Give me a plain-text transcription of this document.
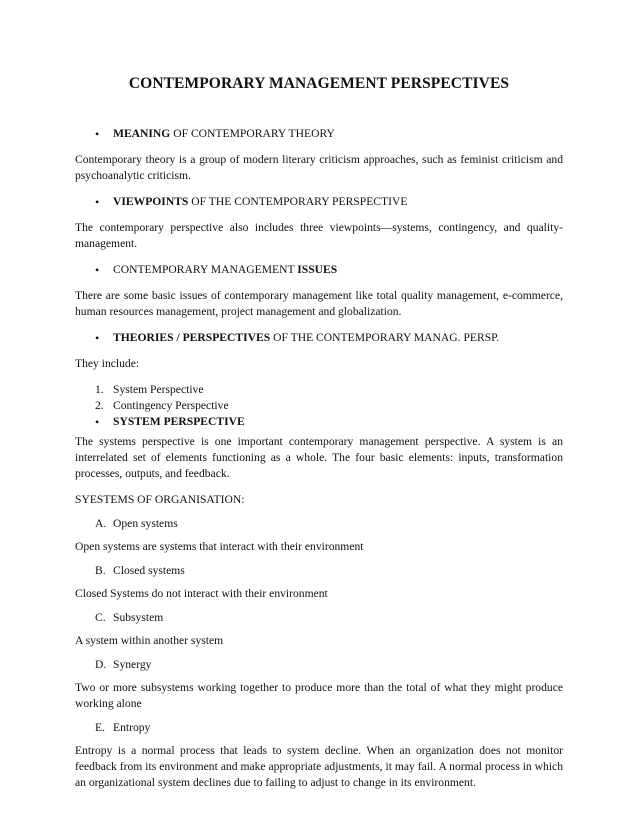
CONTEMPORARY MANAGEMENT PERSPECTIVES
• MEANING OF CONTEMPORARY THEORY

Contemporary theory is a group of modern literary criticism approaches, such as feminist criticism and psychoanalytic criticism.

• VIEWPOINTS OF THE CONTEMPORARY PERSPECTIVE

The contemporary perspective also includes three viewpoints—systems, contingency, and quality-management.

• CONTEMPORARY MANAGEMENT ISSUES

There are some basic issues of contemporary management like total quality management, e-commerce, human resources management, project management and globalization.

• THEORIES / PERSPECTIVES OF THE CONTEMPORARY MANAG. PERSP.

They include:

1. System Perspective
2. Contingency Perspective
• SYSTEM PERSPECTIVE

The systems perspective is one important contemporary management perspective. A system is an interrelated set of elements functioning as a whole. The four basic elements: inputs, transformation processes, outputs, and feedback.

SYESTEMS OF ORGANISATION:

A. Open systems

Open systems are systems that interact with their environment

B. Closed systems

Closed Systems do not interact with their environment

C. Subsystem

A system within another system

D. Synergy

Two or more subsystems working together to produce more than the total of what they might produce working alone

E. Entropy

Entropy is a normal process that leads to system decline. When an organization does not monitor feedback from its environment and make appropriate adjustments, it may fail. A normal process in which an organizational system declines due to failing to adjust to change in its environment.
